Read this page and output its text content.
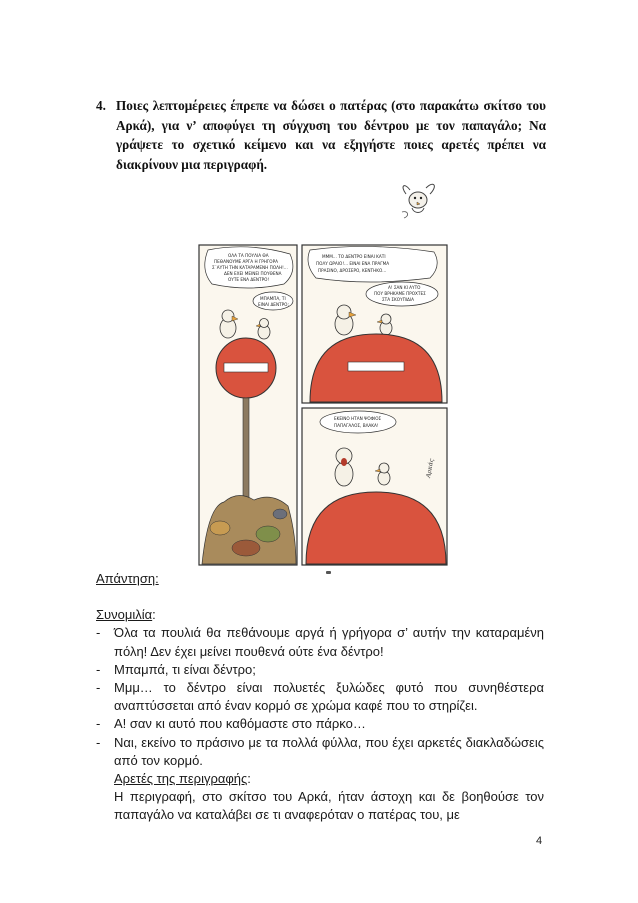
4. Ποιες λεπτομέρειες έπρεπε να δώσει ο πατέρας (στο παρακάτω σκίτσο του Αρκά), για ν’ αποφύγει τη σύγχυση του δέντρου με τον παπαγάλο; Να γράψετε το σχετικό κείμενο και να εξηγήστε ποιες αρετές πρέπει να διακρίνουν μια περιγραφή.
ΟΛΑ ΤΑ ΠΟΥΛΙΑ ΘΑ
ΠΕΘΑΝΟΥΜΕ ΑΡΓΑ Η ΓΡΗΓΟΡΑ
Σ΄ΑΥΤΗ ΤΗΝ ΚΑΤΑΡΑΜΕΝΗ ΠΟΛΗ!...
ΔΕΝ ΕΧΕΙ ΜΕΙΝΕΙ ΠΟΥΘΕΝΑ
ΟΥΤΕ ΕΝΑ ΔΕΝΤΡΟ!
ΜΠΑΜΠΑ, ΤΙ
ΕΙΝΑΙ ΔΕΝΤΡΟ;
ΜΜΜ... ΤΟ ΔΕΝΤΡΟ ΕΙΝΑΙ ΚΑΤΙ
ΠΟΛΥ ΩΡΑΙΟ!... ΕΙΝΑΙ ΕΝΑ ΠΡΑΓΜΑ
ΠΡΑΣΙΝΟ, ΔΡΟΣΕΡΟ, ΚΕΝΤΗΚΟ...
Α! ΣΑΝ ΚΙ ΑΥΤΟ
ΠΟΥ ΒΡΗΚΑΜΕ ΠΡΟΧΤΕΣ
ΣΤΑ ΣΚΟΥΠΙΔΙΑ
ΕΚΕΙΝΟ ΗΤΑΝ ΨΟΦΙΟΣ
ΠΑΠΑΓΑΛΟΣ, ΒΛΑΚΑ!
Αρκάς

Απάντηση:

Συνομιλία:

- Όλα τα πουλιά θα πεθάνουμε αργά ή γρήγορα σ’ αυτήν την καταραμένη πόλη! Δεν έχει μείνει πουθενά ούτε ένα δέντρο!
- Μπαμπά, τι είναι δέντρο;
- Μμμ… το δέντρο είναι πολυετές ξυλώδες φυτό που συνηθέστερα αναπτύσσεται από έναν κορμό σε χρώμα καφέ που το στηρίζει.
- Α! σαν κι αυτό που καθόμαστε στο πάρκο…
- Ναι, εκείνο το πράσινο με τα πολλά φύλλα, που έχει αρκετές διακλαδώσεις από τον κορμό.
Αρετές της περιγραφής:
Η περιγραφή, στο σκίτσο του Αρκά, ήταν άστοχη και δε βοηθούσε τον παπαγάλο να καταλάβει σε τι αναφερόταν ο πατέρας του, με
4
